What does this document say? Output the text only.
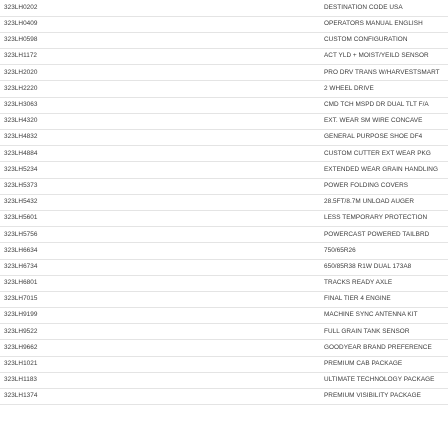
323LH0202	DESTINATION CODE USA
323LH0409	OPERATORS MANUAL ENGLISH
323LH0598	CUSTOM CONFIGURATION
323LH1172	ACT YLD + MOIST/YEILD SENSOR
323LH2020	PRO DRV TRANS W/HARVESTSMART
323LH2220	2 WHEEL DRIVE
323LH3063	CMD TCH MSPD DR DUAL TLT F/A
323LH4320	EXT. WEAR SM WIRE CONCAVE
323LH4832	GENERAL PURPOSE SHOE DF4
323LH4884	CUSTOM CUTTER EXT WEAR PKG
323LH5234	EXTENDED WEAR GRAIN HANDLING
323LH5373	POWER FOLDING COVERS
323LH5432	28.5FT/8.7M UNLOAD AUGER
323LH5601	LESS TEMPORARY PROTECTION
323LH5756	POWERCAST POWERED TAILBRD
323LH6634	750/65R26
323LH6734	650/85R38 R1W DUAL 173A8
323LH6801	TRACKS READY AXLE
323LH7015	FINAL TIER 4 ENGINE
323LH9199	MACHINE SYNC ANTENNA KIT
323LH9522	FULL GRAIN TANK SENSOR
323LH9662	GOODYEAR BRAND PREFERENCE
323LH1021	PREMIUM CAB PACKAGE
323LH1183	ULTIMATE TECHNOLOGY PACKAGE
323LH1374	PREMIUM VISIBILITY PACKAGE
